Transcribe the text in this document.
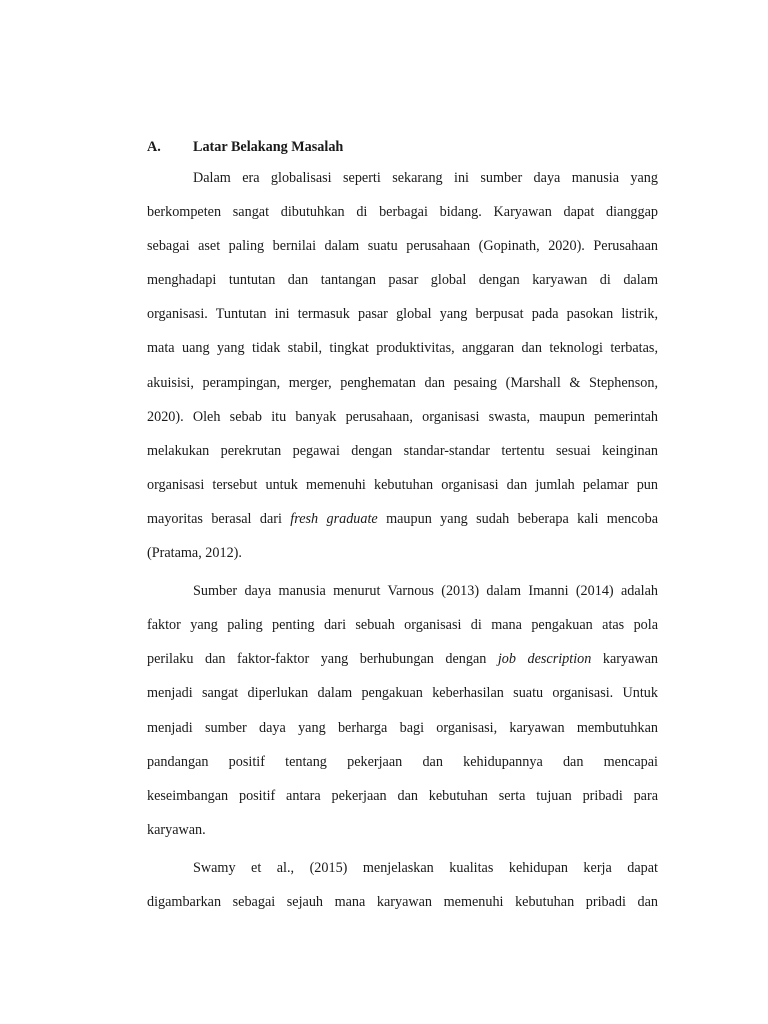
A. Latar Belakang Masalah
Dalam era globalisasi seperti sekarang ini sumber daya manusia yang
berkompeten sangat dibutuhkan di berbagai bidang. Karyawan dapat dianggap
sebagai aset paling bernilai dalam suatu perusahaan (Gopinath, 2020). Perusahaan
menghadapi tuntutan dan tantangan pasar global dengan karyawan di dalam
organisasi. Tuntutan ini termasuk pasar global yang berpusat pada pasokan listrik,
mata uang yang tidak stabil, tingkat produktivitas, anggaran dan teknologi terbatas,
akuisisi, perampingan, merger, penghematan dan pesaing (Marshall & Stephenson,
2020). Oleh sebab itu banyak perusahaan, organisasi swasta, maupun pemerintah
melakukan perekrutan pegawai dengan standar-standar tertentu sesuai keinginan
organisasi tersebut untuk memenuhi kebutuhan organisasi dan jumlah pelamar pun
mayoritas berasal dari fresh graduate maupun yang sudah beberapa kali mencoba
(Pratama, 2012).
Sumber daya manusia menurut Varnous (2013) dalam Imanni (2014) adalah
faktor yang paling penting dari sebuah organisasi di mana pengakuan atas pola
perilaku dan faktor-faktor yang berhubungan dengan job description karyawan
menjadi sangat diperlukan dalam pengakuan keberhasilan suatu organisasi. Untuk
menjadi sumber daya yang berharga bagi organisasi, karyawan membutuhkan
pandangan positif tentang pekerjaan dan kehidupannya dan mencapai
keseimbangan positif antara pekerjaan dan kebutuhan serta tujuan pribadi para
karyawan.
Swamy et al., (2015) menjelaskan kualitas kehidupan kerja dapat
digambarkan sebagai sejauh mana karyawan memenuhi kebutuhan pribadi dan
